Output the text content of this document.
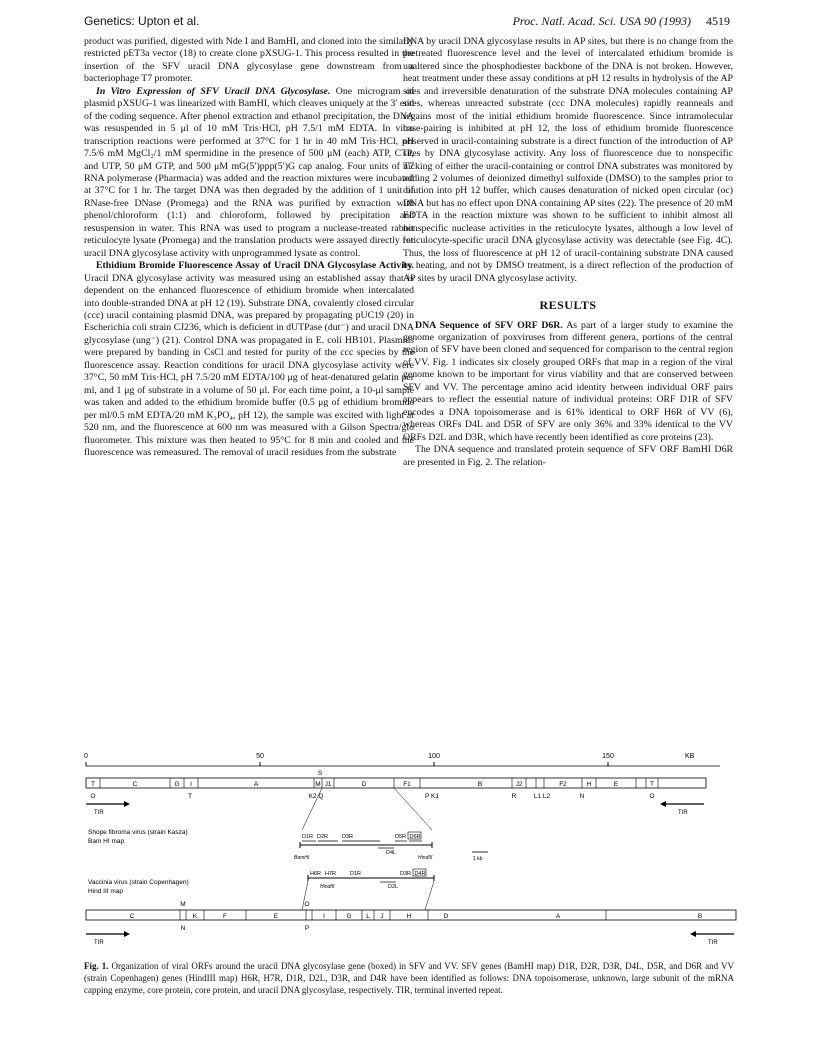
Genetics: Upton et al.	Proc. Natl. Acad. Sci. USA 90 (1993) 4519

product was purified, digested with Nde I and BamHI, and cloned into the similarly restricted pET3a vector (18) to create clone pXSUG-1. This process resulted in the insertion of the SFV uracil DNA glycosylase gene downstream from a bacteriophage T7 promoter.

In Vitro Expression of SFV Uracil DNA Glycosylase. One microgram of plasmid pXSUG-1 was linearized with BamHI, which cleaves uniquely at the 3′ end of the coding sequence. After phenol extraction and ethanol precipitation, the DNA was resuspended in 5 μl of 10 mM Tris·HCl, pH 7.5/1 mM EDTA. In vitro transcription reactions were performed at 37°C for 1 hr in 40 mM Tris·HCl, pH 7.5/6 mM MgCl₂/1 mM spermidine in the presence of 500 μM (each) ATP, CTP, and UTP, 50 μM GTP, and 500 μM mG(5′)ppp(5′)G cap analog. Four units of T7 RNA polymerase (Pharmacia) was added and the reaction mixtures were incubated at 37°C for 1 hr. The target DNA was then degraded by the addition of 1 unit of RNase-free DNase (Promega) and the RNA was purified by extraction with phenol/chloroform (1:1) and chloroform, followed by precipitation and resuspension in water. This RNA was used to program a nuclease-treated rabbit reticulocyte lysate (Promega) and the translation products were assayed directly for uracil DNA glycosylase activity with unprogrammed lysate as control.

Ethidium Bromide Fluorescence Assay of Uracil DNA Glycosylase Activity. Uracil DNA glycosylase activity was measured using an established assay that is dependent on the enhanced fluorescence of ethidium bromide when intercalated into double-stranded DNA at pH 12 (19). Substrate DNA, covalently closed circular (ccc) uracil containing plasmid DNA, was prepared by propagating pUC19 (20) in Escherichia coli strain CJ236, which is deficient in dUTPase (dut⁻) and uracil DNA glycosylase (ung⁻) (21). Control DNA was propagated in E. coli HB101. Plasmids were prepared by banding in CsCl and tested for purity of the ccc species by the fluorescence assay. Reaction conditions for uracil DNA glycosylase activity were 37°C, 50 mM Tris·HCl, pH 7.5/20 mM EDTA/100 μg of heat-denatured gelatin per ml, and 1 μg of substrate in a volume of 50 μl. For each time point, a 10-μl sample was taken and added to the ethidium bromide buffer (0.5 μg of ethidium bromide per ml/0.5 mM EDTA/20 mM K₃PO₄, pH 12), the sample was excited with light at 520 nm, and the fluorescence at 600 nm was measured with a Gilson Spectra/glo fluorometer. This mixture was then heated to 95°C for 8 min and cooled and the fluorescence was remeasured. The removal of uracil residues from the substrate

DNA by uracil DNA glycosylase results in AP sites, but there is no change from the pretreated fluorescence level and the level of intercalated ethidium bromide is unaltered since the phosphodiester backbone of the DNA is not broken. However, heat treatment under these assay conditions at pH 12 results in hydrolysis of the AP sites and irreversible denaturation of the substrate DNA molecules containing AP sites, whereas unreacted substrate (ccc DNA molecules) rapidly reanneals and regains most of the initial ethidium bromide fluorescence. Since intramolecular base-pairing is inhibited at pH 12, the loss of ethidium bromide fluorescence observed in uracil-containing substrate is a direct function of the introduction of AP sites by DNA glycosylase activity. Any loss of fluorescence due to nonspecific nicking of either the uracil-containing or control DNA substrates was monitored by adding 2 volumes of deionized dimethyl sulfoxide (DMSO) to the samples prior to dilution into pH 12 buffer, which causes denaturation of nicked open circular (oc) DNA but has no effect upon DNA containing AP sites (22). The presence of 20 mM EDTA in the reaction mixture was shown to be sufficient to inhibit almost all nonspecific nuclease activities in the reticulocyte lysates, although a low level of reticulocyte-specific uracil DNA glycosylase activity was detectable (see Fig. 4C). Thus, the loss of fluorescence at pH 12 of uracil-containing substrate DNA caused by heating, and not by DMSO treatment, is a direct reflection of the production of AP sites by uracil DNA glycosylase activity.

RESULTS

DNA Sequence of SFV ORF D6R. As part of a larger study to examine the genome organization of poxviruses from different genera, portions of the central region of SFV have been cloned and sequenced for comparison to the central region of VV. Fig. 1 indicates six closely grouped ORFs that map in a region of the viral genome known to be important for virus viability and that are conserved between SFV and VV. The percentage amino acid identity between individual ORF pairs appears to reflect the essential nature of individual proteins: ORF D1R of SFV encodes a DNA topoisomerase and is 61% identical to ORF H6R of VV (6), whereas ORFs D4L and D5R of SFV are only 36% and 33% identical to the VV ORFs D2L and D3R, which have recently been identified as core proteins (23).

The DNA sequence and translated protein sequence of SFV ORF BamHI D6R are presented in Fig. 2. The relation-

0	50	100	150	KB
T	C	G I	A	M J1	D	F1	B	J2	F2	H	E	T
S
O	T	K2 Q	P K1	R	L1 L2	N	O
TIR	TIR
Shope fibroma virus (strain Kasza)
Bam HI map
D1R D2R	D3R	D5R D6R
D4L
BamHI	HindIII	1 kb
H6R H7R	D1R	D3R D4R
D2L
HindIII
Vaccinia virus (strain Copenhagen)
Hind III map
C	K	F	E	I	G L J	H	D	A	B
M	O
N	P
TIR	TIR
Fig. 1. Organization of viral ORFs around the uracil DNA glycosylase gene (boxed) in SFV and VV. SFV genes (BamHI map) D1R, D2R, D3R, D4L, D5R, and D6R and VV (strain Copenhagen) genes (HindIII map) H6R, H7R, D1R, D2L, D3R, and D4R have been identified as follows: DNA topoisomerase, unknown, large subunit of the mRNA capping enzyme, core protein, core protein, and uracil DNA glycosylase, respectively. TIR, terminal inverted repeat.
